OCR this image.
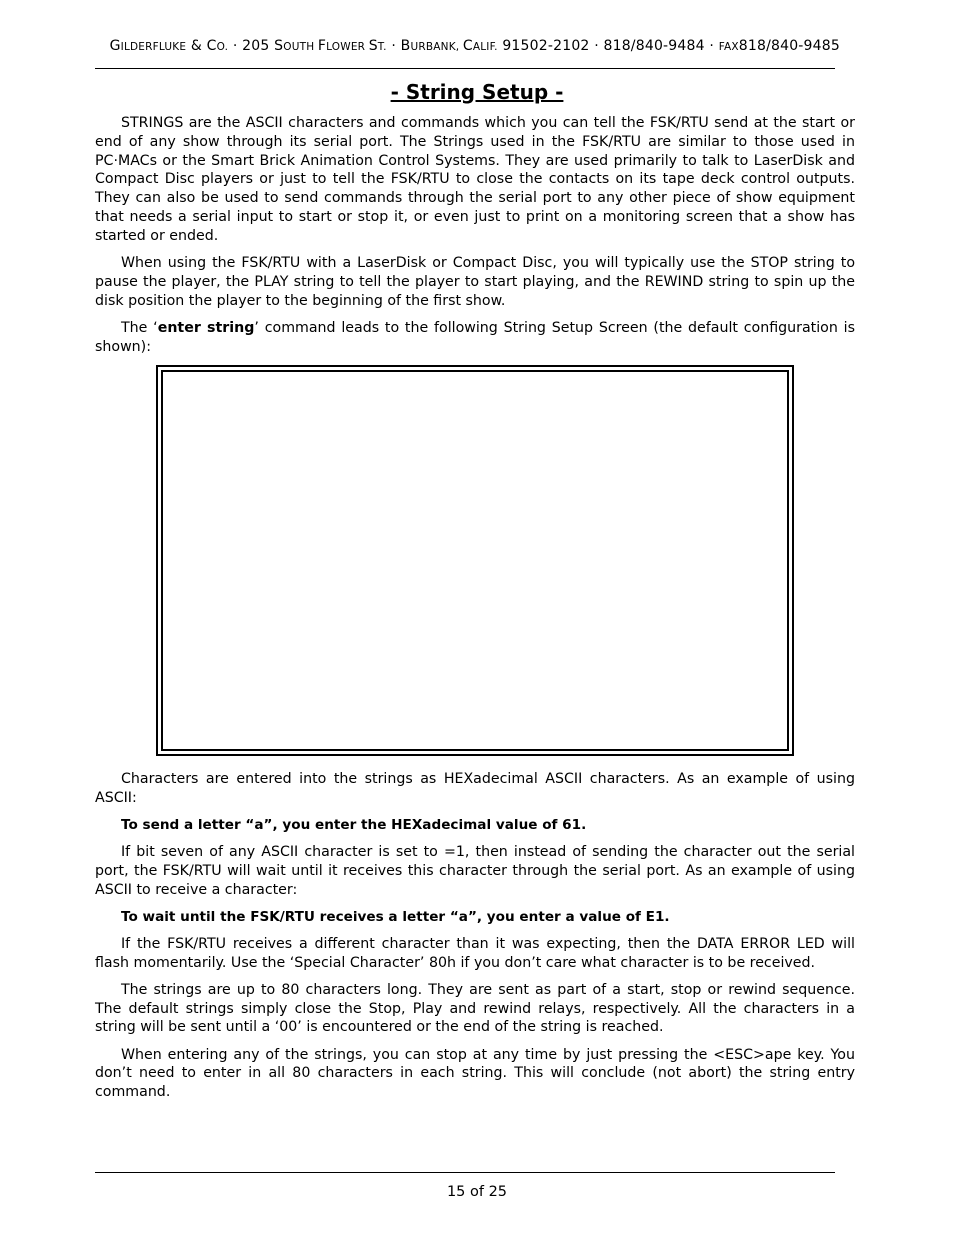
GILDERFLUKE & CO. · 205 SOUTH FLOWER ST. · BURBANK, CALIF. 91502-2102 · 818/840-9484 · FAX818/840-9485
- String Setup -

STRINGS are the ASCII characters and commands which you can tell the FSK/RTU send at the start or end of any show through its serial port. The Strings used in the FSK/RTU are similar to those used in PC·MACs or the Smart Brick Animation Control Systems. They are used primarily to talk to LaserDisk and Compact Disc players or just to tell the FSK/RTU to close the contacts on its tape deck control outputs. They can also be used to send commands through the serial port to any other piece of show equipment that needs a serial input to start or stop it, or even just to print on a monitoring screen that a show has started or ended.

When using the FSK/RTU with a LaserDisk or Compact Disc, you will typically use the STOP string to pause the player, the PLAY string to tell the player to start playing, and the REWIND string to spin up the disk position the player to the beginning of the first show.

The ‘enter string’ command leads to the following String Setup Screen (the default configuration is shown):

Characters are entered into the strings as HEXadecimal ASCII characters. As an example of using ASCII:

To send a letter “a”, you enter the HEXadecimal value of 61.

If bit seven of any ASCII character is set to =1, then instead of sending the character out the serial port, the FSK/RTU will wait until it receives this character through the serial port. As an example of using ASCII to receive a character:

To wait until the FSK/RTU receives a letter “a”, you enter a value of E1.

If the FSK/RTU receives a different character than it was expecting, then the DATA ERROR LED will flash momentarily. Use the ‘Special Character’ 80h if you don’t care what character is to be received.

The strings are up to 80 characters long. They are sent as part of a start, stop or rewind sequence. The default strings simply close the Stop, Play and rewind relays, respectively. All the characters in a string will be sent until a ‘00’ is encountered or the end of the string is reached.

When entering any of the strings, you can stop at any time by just pressing the <ESC>ape key. You don’t need to enter in all 80 characters in each string. This will conclude (not abort) the string entry command.

15 of 25
